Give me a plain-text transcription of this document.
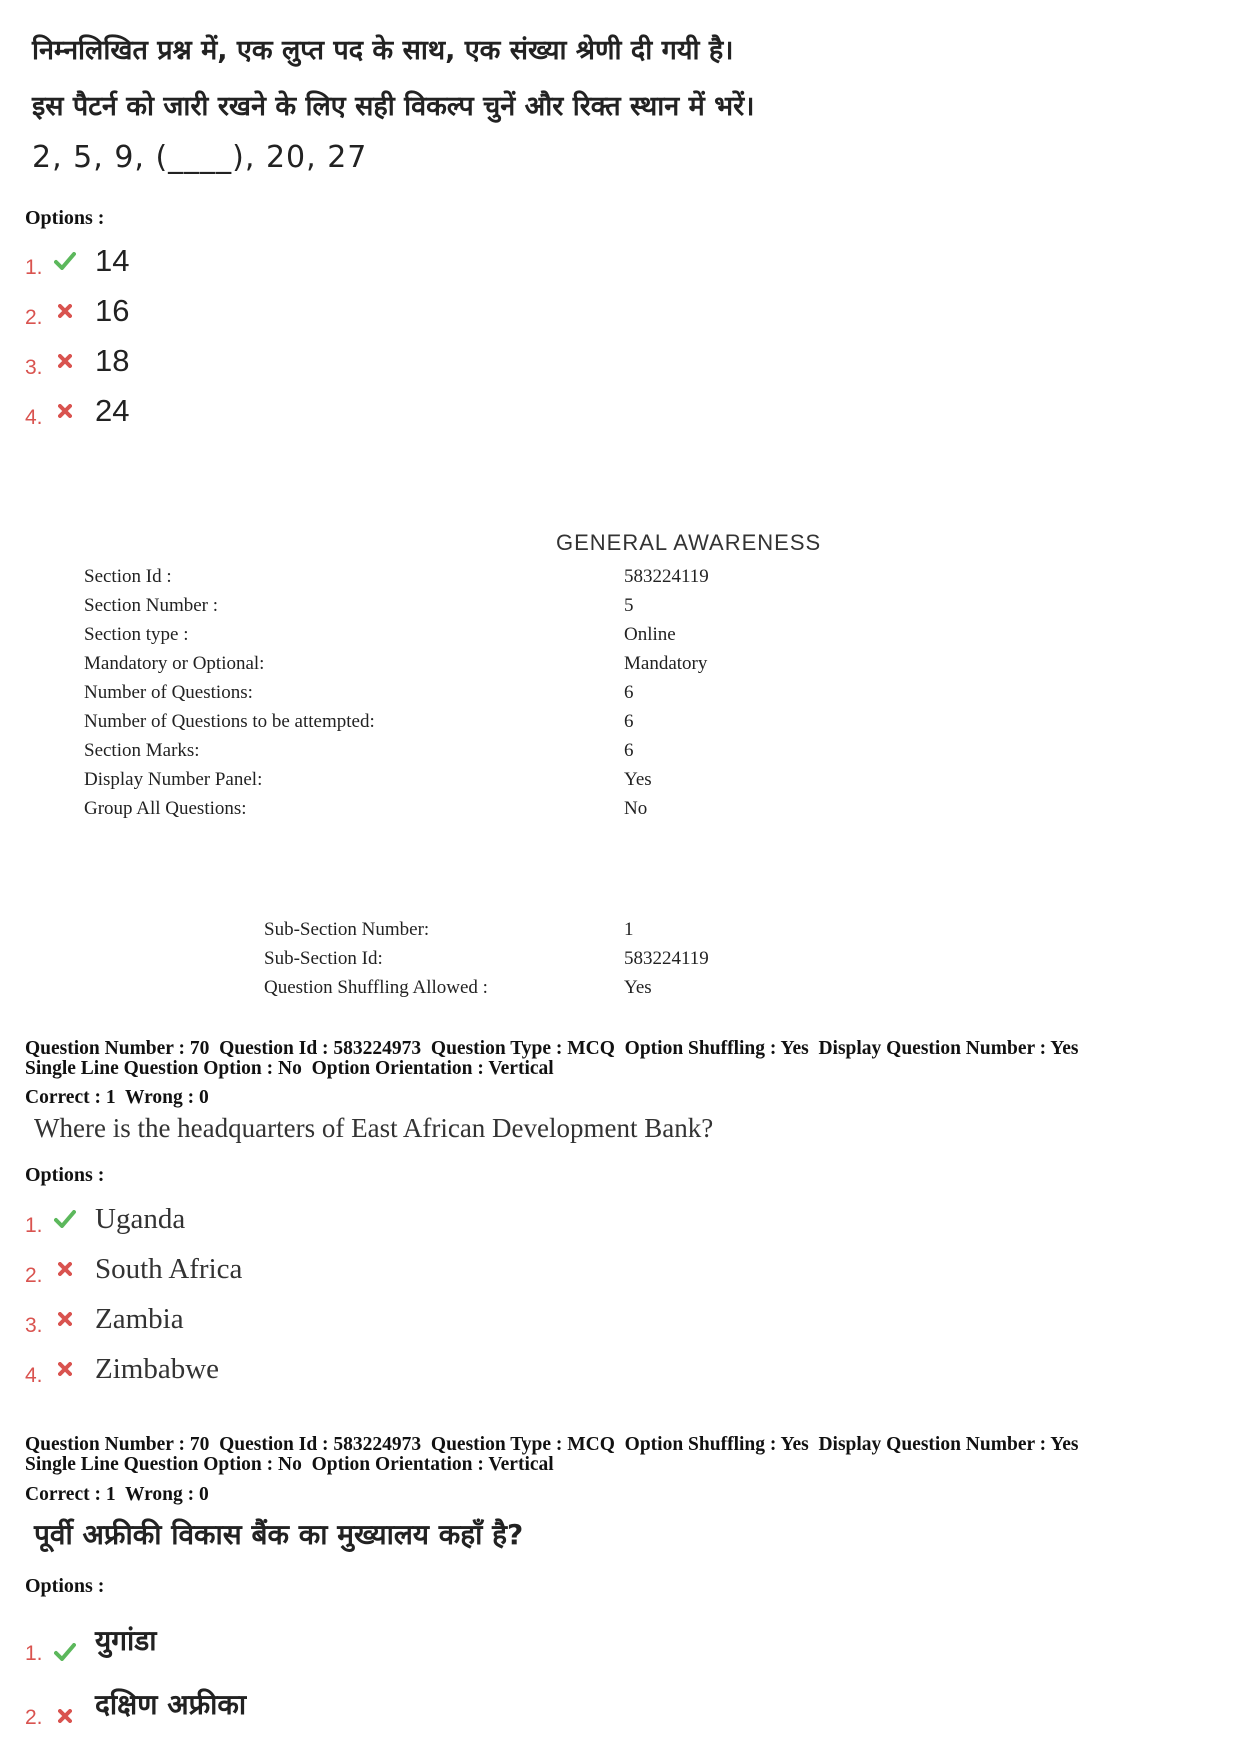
निम्नलिखित प्रश्न में, एक लुप्त पद के साथ, एक संख्या श्रेणी दी गयी है।
इस पैटर्न को जारी रखने के लिए सही विकल्प चुनें और रिक्त स्थान में भरें।
2, 5, 9, (____), 20, 27
Options :
1.	14
2.	16
3.	18
4.	24
GENERAL AWARENESS
Section Id :	583224119
Section Number :	5
Section type :	Online
Mandatory or Optional:	Mandatory
Number of Questions:	6
Number of Questions to be attempted:	6
Section Marks:	6
Display Number Panel:	Yes
Group All Questions:	No
Sub-Section Number:	1
Sub-Section Id:	583224119
Question Shuffling Allowed :	Yes
Question Number : 70  Question Id : 583224973  Question Type : MCQ  Option Shuffling : Yes  Display Question Number : Yes
Single Line Question Option : No  Option Orientation : Vertical
Correct : 1  Wrong : 0
Where is the headquarters of East African Development Bank?
Options :
1.	Uganda
2.	South Africa
3.	Zambia
4.	Zimbabwe
Question Number : 70  Question Id : 583224973  Question Type : MCQ  Option Shuffling : Yes  Display Question Number : Yes
Single Line Question Option : No  Option Orientation : Vertical
Correct : 1  Wrong : 0
पूर्वी अफ्रीकी विकास बैंक का मुख्यालय कहाँ है?
Options :
1.	युगांडा
2.	दक्षिण अफ्रीका
